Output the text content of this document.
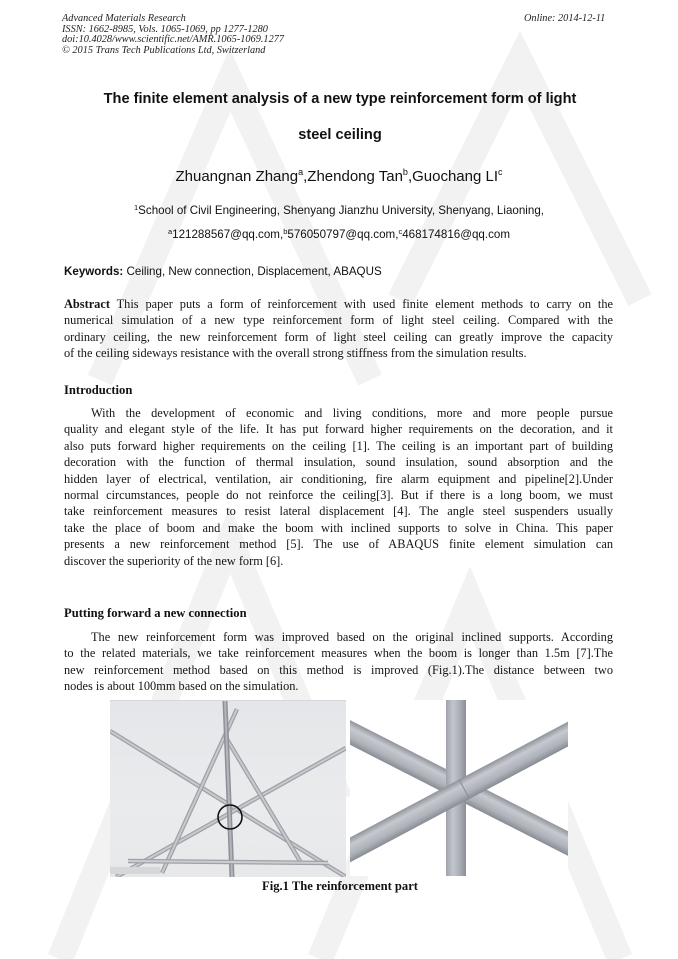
Advanced Materials Research
ISSN: 1662-8985, Vols. 1065-1069, pp 1277-1280
doi:10.4028/www.scientific.net/AMR.1065-1069.1277
© 2015 Trans Tech Publications Ltd, Switzerland
Online: 2014-12-11
The finite element analysis of a new type reinforcement form of light
steel ceiling
Zhuangnan Zhang$^a$,Zhendong Tan$^b$,Guochang $LI^c$
$^1$School of Civil Engineering, Shenyang Jianzhu University, Shenyang, Liaoning,
$^a$121288567@qq.com,$^b$576050797@qq.com,$^c$468174816@qq.com
Keywords: Ceiling, New connection, Displacement, ABAQUS
Abstract This paper puts a form of reinforcement with used finite element methods to carry on the
numerical simulation of a new type reinforcement form of light steel ceiling. Compared with the
ordinary ceiling, the new reinforcement form of light steel ceiling can greatly improve the capacity
of the ceiling sideways resistance with the overall strong stiffness from the simulation results.
Introduction
With the development of economic and living conditions, more and more people pursue
quality and elegant style of the life. It has put forward higher requirements on the decoration, and it
also puts forward higher requirements on the ceiling [1]. The ceiling is an important part of building
decoration with the function of thermal insulation, sound insulation, sound absorption and the
hidden layer of electrical, ventilation, air conditioning, fire alarm equipment and pipeline[2].Under
normal circumstances, people do not reinforce the ceiling[3]. But if there is a long boom, we must
take reinforcement measures to resist lateral displacement [4]. The angle steel suspenders usually
take the place of boom and make the boom with inclined supports to solve in China. This paper
presents a new reinforcement method [5]. The use of ABAQUS finite element simulation can
discover the superiority of the new form [6].
Putting forward a new connection
The new reinforcement form was improved based on the original inclined supports. According
to the related materials, we take reinforcement measures when the boom is longer than 1.5m [7].The
new reinforcement method based on this method is improved (Fig.1).The distance between two
nodes is about 100mm based on the simulation.
Fig.1 The reinforcement part
